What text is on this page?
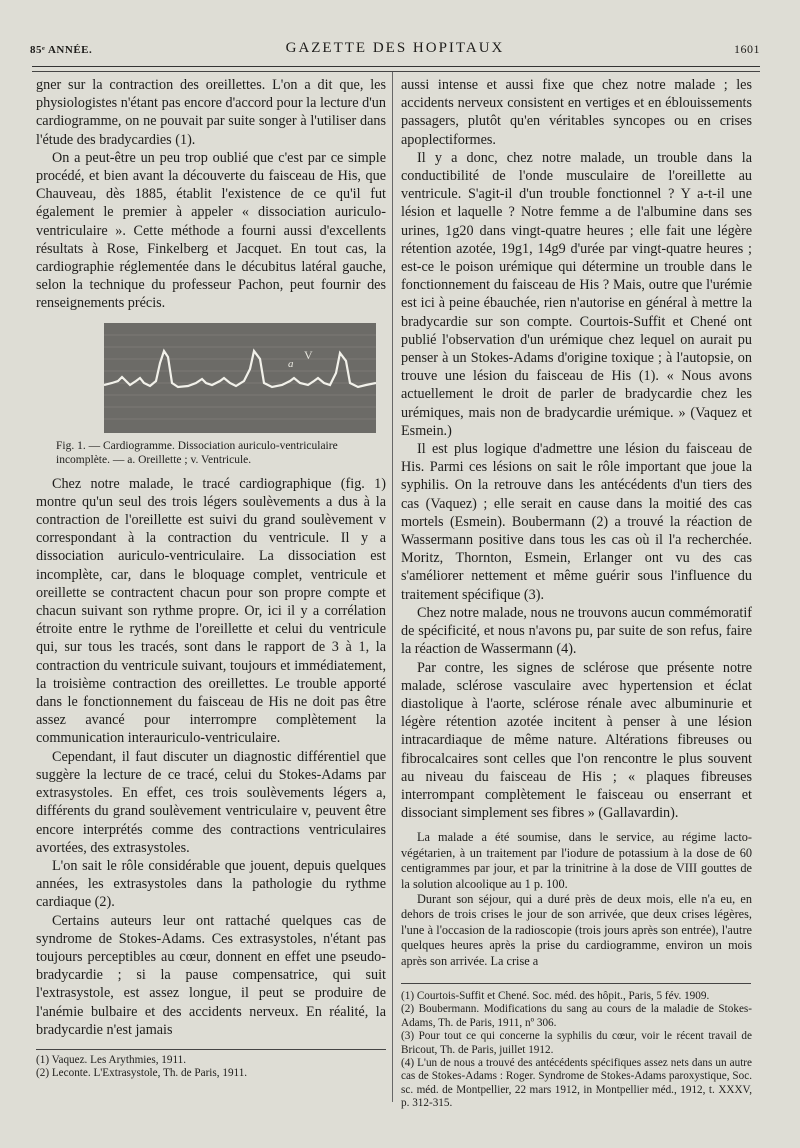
85ᵉ ANNÉE.	GAZETTE DES HOPITAUX	1601

gner sur la contraction des oreillettes. L'on a dit que, les physiologistes n'étant pas encore d'accord pour la lecture d'un cardiogramme, on ne pouvait par suite songer à l'utiliser dans l'étude des bradycardies (1).

On a peut-être un peu trop oublié que c'est par ce simple procédé, et bien avant la découverte du faisceau de His, que Chauveau, dès 1885, établit l'existence de ce qu'il fut également le premier à appeler « dissociation auriculo-ventriculaire ». Cette méthode a fourni aussi d'excellents résultats à Rose, Finkelberg et Jacquet. En tout cas, la cardiographie réglementée dans le décubitus latéral gauche, selon la technique du professeur Pachon, peut fournir des renseignements précis.

V
a

Fig. 1. — Cardiogramme. Dissociation auriculo-ventriculaire incomplète. — a. Oreillette ; v. Ventricule.

Chez notre malade, le tracé cardiographique (fig. 1) montre qu'un seul des trois légers soulèvements a dus à la contraction de l'oreillette est suivi du grand soulèvement v correspondant à la contraction du ventricule. Il y a dissociation auriculo-ventriculaire. La dissociation est incomplète, car, dans le bloquage complet, ventricule et oreillette se contractent chacun pour son propre compte et chacun suivant son rythme propre. Or, ici il y a corrélation étroite entre le rythme de l'oreillette et celui du ventricule qui, sur tous les tracés, sont dans le rapport de 3 à 1, la contraction du ventricule suivant, toujours et immédiatement, la troisième contraction des oreillettes. Le trouble apporté dans le fonctionnement du faisceau de His ne doit pas être assez avancé pour interrompre complètement la communication interauriculo-ventriculaire.

Cependant, il faut discuter un diagnostic différentiel que suggère la lecture de ce tracé, celui du Stokes-Adams par extrasystoles. En effet, ces trois soulèvements légers a, différents du grand soulèvement ventriculaire v, peuvent être encore interprétés comme des contractions ventriculaires avortées, des extrasystoles.

L'on sait le rôle considérable que jouent, depuis quelques années, les extrasystoles dans la pathologie du rythme cardiaque (2).

Certains auteurs leur ont rattaché quelques cas de syndrome de Stokes-Adams. Ces extrasystoles, n'étant pas toujours perceptibles au cœur, donnent en effet une pseudo-bradycardie ; si la pause compensatrice, qui suit l'extrasystole, est assez longue, il peut se produire de l'anémie bulbaire et des accidents nerveux. En réalité, la bradycardie n'est jamais

(1) Vaquez. Les Arythmies, 1911.

(2) Leconte. L'Extrasystole, Th. de Paris, 1911.

aussi intense et aussi fixe que chez notre malade ; les accidents nerveux consistent en vertiges et en éblouissements passagers, plutôt qu'en véritables syncopes ou en crises apoplectiformes.

Il y a donc, chez notre malade, un trouble dans la conductibilité de l'onde musculaire de l'oreillette au ventricule. S'agit-il d'un trouble fonctionnel ? Y a-t-il une lésion et laquelle ? Notre femme a de l'albumine dans ses urines, 1g20 dans vingt-quatre heures ; elle fait une légère rétention azotée, 19g1, 14g9 d'urée par vingt-quatre heures ; est-ce le poison urémique qui détermine un trouble dans le fonctionnement du faisceau de His ? Mais, outre que l'urémie est ici à peine ébauchée, rien n'autorise en général à mettre la bradycardie sur son compte. Courtois-Suffit et Chené ont publié l'observation d'un urémique chez lequel on aurait pu penser à un Stokes-Adams d'origine toxique ; à l'autopsie, on trouve une lésion du faisceau de His (1). « Nous avons actuellement le droit de parler de bradycardie chez les urémiques, mais non de bradycardie urémique. » (Vaquez et Esmein.)

Il est plus logique d'admettre une lésion du faisceau de His. Parmi ces lésions on sait le rôle important que joue la syphilis. On la retrouve dans les antécédents d'un tiers des cas (Vaquez) ; elle serait en cause dans la moitié des cas mortels (Esmein). Boubermann (2) a trouvé la réaction de Wassermann positive dans tous les cas où il l'a recherchée. Moritz, Thornton, Esmein, Erlanger ont vu des cas s'améliorer nettement et même guérir sous l'influence du traitement spécifique (3).

Chez notre malade, nous ne trouvons aucun commémoratif de spécificité, et nous n'avons pu, par suite de son refus, faire la réaction de Wassermann (4).

Par contre, les signes de sclérose que présente notre malade, sclérose vasculaire avec hypertension et éclat diastolique à l'aorte, sclérose rénale avec albuminurie et légère rétention azotée incitent à penser à une lésion intracardiaque de même nature. Altérations fibreuses ou fibrocalcaires sont celles que l'on rencontre le plus souvent au niveau du faisceau de His ; « plaques fibreuses interrompant complètement le faisceau ou enserrant et dissociant simplement ses fibres » (Gallavardin).

La malade a été soumise, dans le service, au régime lacto-végétarien, à un traitement par l'iodure de potassium à la dose de 60 centigrammes par jour, et par la trinitrine à la dose de VIII gouttes de la solution alcoolique au 1 p. 100.

Durant son séjour, qui a duré près de deux mois, elle n'a eu, en dehors de trois crises le jour de son arrivée, que deux crises légères, l'une à l'occasion de la radioscopie (trois jours après son entrée), l'autre quelques heures après la prise du cardiogramme, environ un mois après son arrivée. La crise a

(1) Courtois-Suffit et Chené. Soc. méd. des hôpit., Paris, 5 fév. 1909.

(2) Boubermann. Modifications du sang au cours de la maladie de Stokes-Adams, Th. de Paris, 1911, nº 306.

(3) Pour tout ce qui concerne la syphilis du cœur, voir le récent travail de Bricout, Th. de Paris, juillet 1912.

(4) L'un de nous a trouvé des antécédents spécifiques assez nets dans un autre cas de Stokes-Adams : Roger. Syndrome de Stokes-Adams paroxystique, Soc. sc. méd. de Montpellier, 22 mars 1912, in Montpellier méd., 1912, t. XXXV, p. 312-315.
